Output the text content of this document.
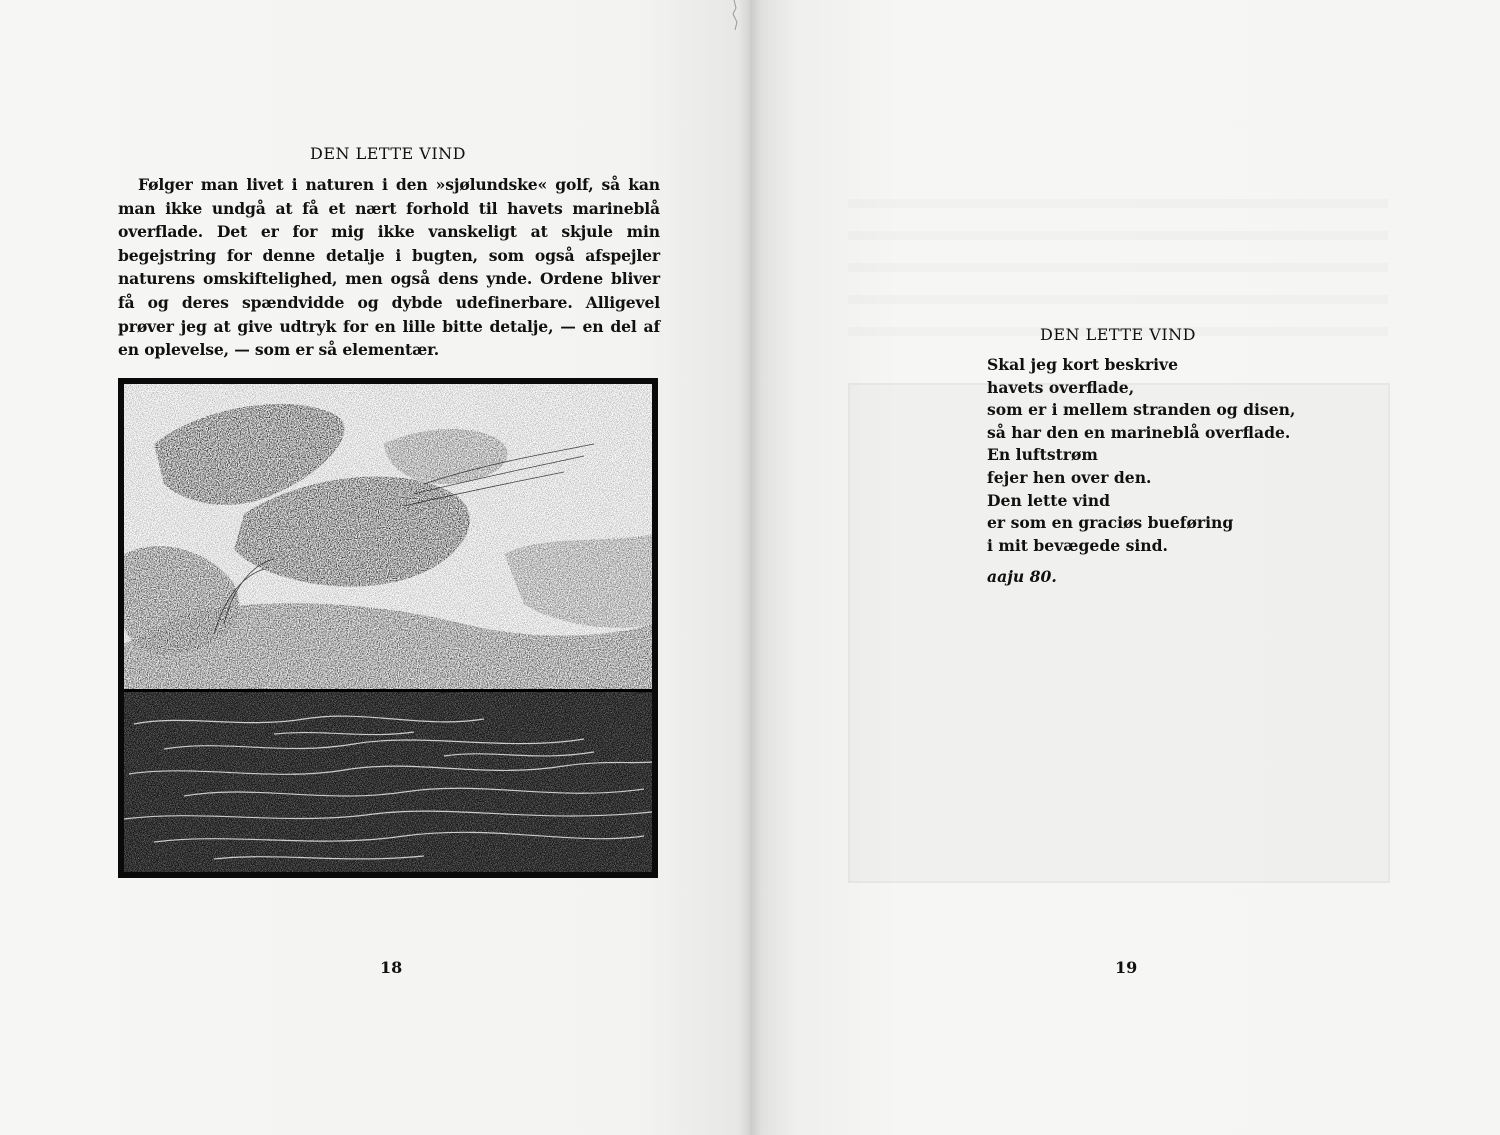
DEN LETTE VIND

Følger man livet i naturen i den »sjølundske« golf, så kan man ikke undgå at få et nært forhold til havets marineblå overflade. Det er for mig ikke vanskeligt at skjule min begejstring for denne detalje i bugten, som også afspejler naturens omskiftelighed, men også dens ynde. Ordene bliver få og deres spændvidde og dybde udefinerbare. Alligevel prøver jeg at give udtryk for en lille bitte detalje, — en del af en oplevelse, — som er så elementær.

18
DEN LETTE VIND
Skal jeg kort beskrive
havets overflade,
som er i mellem stranden og disen,
så har den en marineblå overflade.
En luftstrøm
fejer hen over den.
Den lette vind
er som en graciøs bueføring
i mit bevægede sind.
aaju 80.
19
